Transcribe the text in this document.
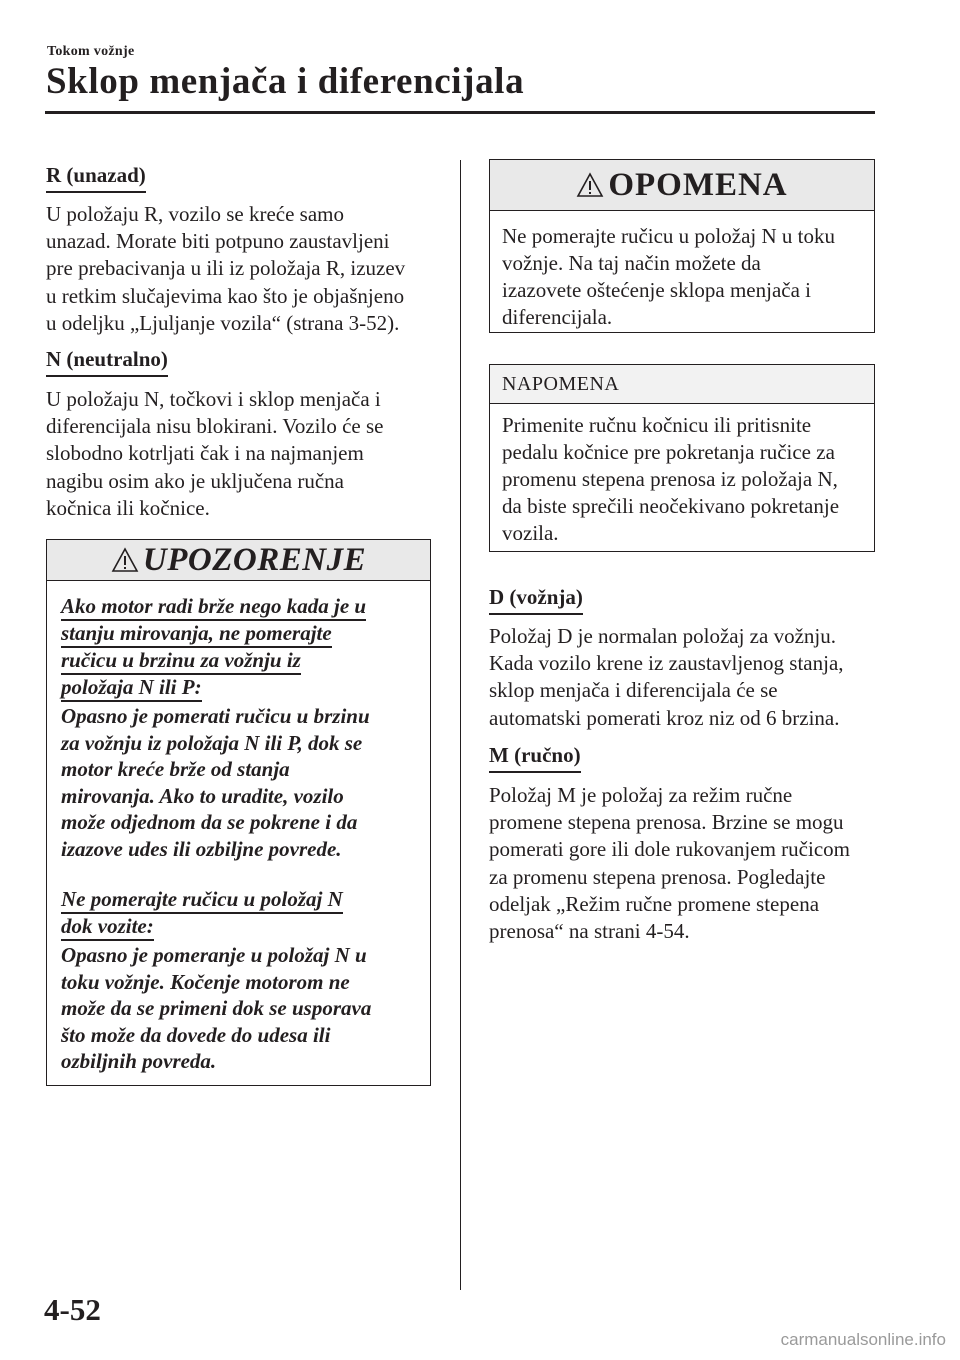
Tokom vožnje
Sklop menjača i diferencijala
R (unazad)

U položaju R, vozilo se kreće samo

unazad. Morate biti potpuno zaustavljeni

pre prebacivanja u ili iz položaja R, izuzev

u retkim slučajevima kao što je objašnjeno

u odeljku „Ljuljanje vozila“ (strana 3-52).

N (neutralno)

U položaju N, točkovi i sklop menjača i

diferencijala nisu blokirani. Vozilo će se

slobodno kotrljati čak i na najmanjem

nagibu osim ako je uključena ručna

kočnica ili kočnice.

UPOZORENJE
Ako motor radi brže nego kada je u
stanju mirovanja, ne pomerajte
ručicu u brzinu za vožnju iz
položaja N ili P:
Opasno je pomerati ručicu u brzinu
za vožnju iz položaja N ili P, dok se
motor kreće brže od stanja
mirovanja. Ako to uradite, vozilo
može odjednom da se pokrene i da
izazove udes ili ozbiljne povrede.
Ne pomerajte ručicu u položaj N
dok vozite:
Opasno je pomeranje u položaj N u
toku vožnje. Kočenje motorom ne
može da se primeni dok se usporava
što može da dovede do udesa ili
ozbiljnih povreda.
OPOMENA
Ne pomerajte ručicu u položaj N u toku
vožnje. Na taj način možete da
izazovete oštećenje sklopa menjača i
diferencijala.
NAPOMENA
Primenite ručnu kočnicu ili pritisnite
pedalu kočnice pre pokretanja ručice za
promenu stepena prenosa iz položaja N,
da biste sprečili neočekivano pokretanje
vozila.
D (vožnja)

Položaj D je normalan položaj za vožnju.

Kada vozilo krene iz zaustavljenog stanja,

sklop menjača i diferencijala će se

automatski pomerati kroz niz od 6 brzina.

M (ručno)

Položaj M je položaj za režim ručne

promene stepena prenosa. Brzine se mogu

pomerati gore ili dole rukovanjem ručicom

za promenu stepena prenosa. Pogledajte

odeljak „Režim ručne promene stepena

prenosa“ na strani 4-54.

4-52
carmanualsonline.info
